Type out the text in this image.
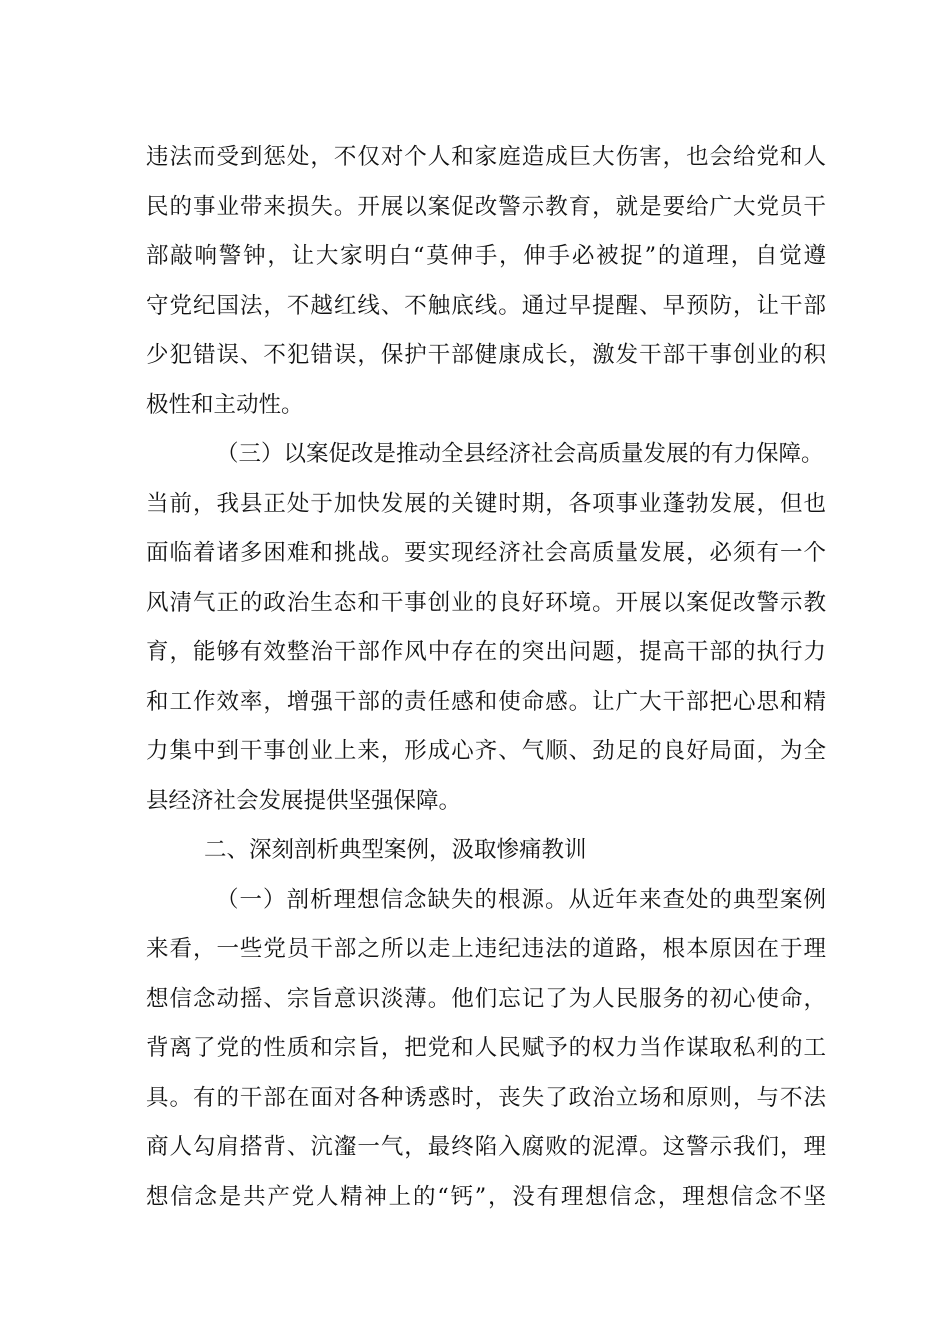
违法而受到惩处，不仅对个人和家庭造成巨大伤害，也会给党和人
民的事业带来损失。开展以案促改警示教育，就是要给广大党员干
部敲响警钟，让大家明白“莫伸手，伸手必被捉”的道理，自觉遵
守党纪国法，不越红线、不触底线。通过早提醒、早预防，让干部
少犯错误、不犯错误，保护干部健康成长，激发干部干事创业的积
极性和主动性。
（三）以案促改是推动全县经济社会高质量发展的有力保障。
当前，我县正处于加快发展的关键时期，各项事业蓬勃发展，但也
面临着诸多困难和挑战。要实现经济社会高质量发展，必须有一个
风清气正的政治生态和干事创业的良好环境。开展以案促改警示教
育，能够有效整治干部作风中存在的突出问题，提高干部的执行力
和工作效率，增强干部的责任感和使命感。让广大干部把心思和精
力集中到干事创业上来，形成心齐、气顺、劲足的良好局面，为全
县经济社会发展提供坚强保障。
二、深刻剖析典型案例，汲取惨痛教训
（一）剖析理想信念缺失的根源。从近年来查处的典型案例
来看，一些党员干部之所以走上违纪违法的道路，根本原因在于理
想信念动摇、宗旨意识淡薄。他们忘记了为人民服务的初心使命，
背离了党的性质和宗旨，把党和人民赋予的权力当作谋取私利的工
具。有的干部在面对各种诱惑时，丧失了政治立场和原则，与不法
商人勾肩搭背、沆瀣一气，最终陷入腐败的泥潭。这警示我们，理
想信念是共产党人精神上的“钙”，没有理想信念，理想信念不坚
